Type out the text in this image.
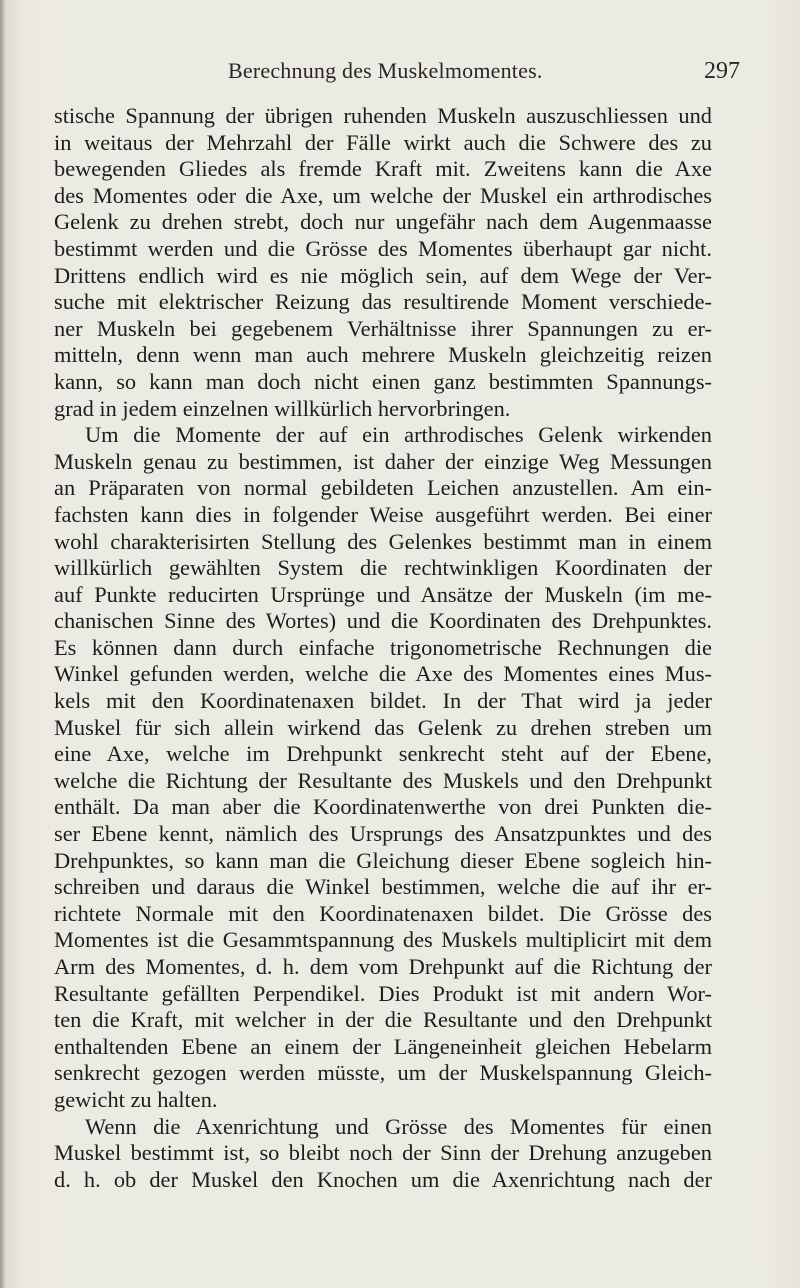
Berechnung des Muskelmomentes.	297
stische Spannung der übrigen ruhenden Muskeln auszuschliessen und
in weitaus der Mehrzahl der Fälle wirkt auch die Schwere des zu
bewegenden Gliedes als fremde Kraft mit. Zweitens kann die Axe
des Momentes oder die Axe, um welche der Muskel ein arthrodisches
Gelenk zu drehen strebt, doch nur ungefähr nach dem Augenmaasse
bestimmt werden und die Grösse des Momentes überhaupt gar nicht.
Drittens endlich wird es nie möglich sein, auf dem Wege der Ver-
suche mit elektrischer Reizung das resultirende Moment verschiede-
ner Muskeln bei gegebenem Verhältnisse ihrer Spannungen zu er-
mitteln, denn wenn man auch mehrere Muskeln gleichzeitig reizen
kann, so kann man doch nicht einen ganz bestimmten Spannungs-
grad in jedem einzelnen willkürlich hervorbringen.
Um die Momente der auf ein arthrodisches Gelenk wirkenden
Muskeln genau zu bestimmen, ist daher der einzige Weg Messungen
an Präparaten von normal gebildeten Leichen anzustellen. Am ein-
fachsten kann dies in folgender Weise ausgeführt werden. Bei einer
wohl charakterisirten Stellung des Gelenkes bestimmt man in einem
willkürlich gewählten System die rechtwinkligen Koordinaten der
auf Punkte reducirten Ursprünge und Ansätze der Muskeln (im me-
chanischen Sinne des Wortes) und die Koordinaten des Drehpunktes.
Es können dann durch einfache trigonometrische Rechnungen die
Winkel gefunden werden, welche die Axe des Momentes eines Mus-
kels mit den Koordinatenaxen bildet. In der That wird ja jeder
Muskel für sich allein wirkend das Gelenk zu drehen streben um
eine Axe, welche im Drehpunkt senkrecht steht auf der Ebene,
welche die Richtung der Resultante des Muskels und den Drehpunkt
enthält. Da man aber die Koordinatenwerthe von drei Punkten die-
ser Ebene kennt, nämlich des Ursprungs des Ansatzpunktes und des
Drehpunktes, so kann man die Gleichung dieser Ebene sogleich hin-
schreiben und daraus die Winkel bestimmen, welche die auf ihr er-
richtete Normale mit den Koordinatenaxen bildet. Die Grösse des
Momentes ist die Gesammtspannung des Muskels multiplicirt mit dem
Arm des Momentes, d. h. dem vom Drehpunkt auf die Richtung der
Resultante gefällten Perpendikel. Dies Produkt ist mit andern Wor-
ten die Kraft, mit welcher in der die Resultante und den Drehpunkt
enthaltenden Ebene an einem der Längeneinheit gleichen Hebelarm
senkrecht gezogen werden müsste, um der Muskelspannung Gleich-
gewicht zu halten.
Wenn die Axenrichtung und Grösse des Momentes für einen
Muskel bestimmt ist, so bleibt noch der Sinn der Drehung anzugeben
d. h. ob der Muskel den Knochen um die Axenrichtung nach der
